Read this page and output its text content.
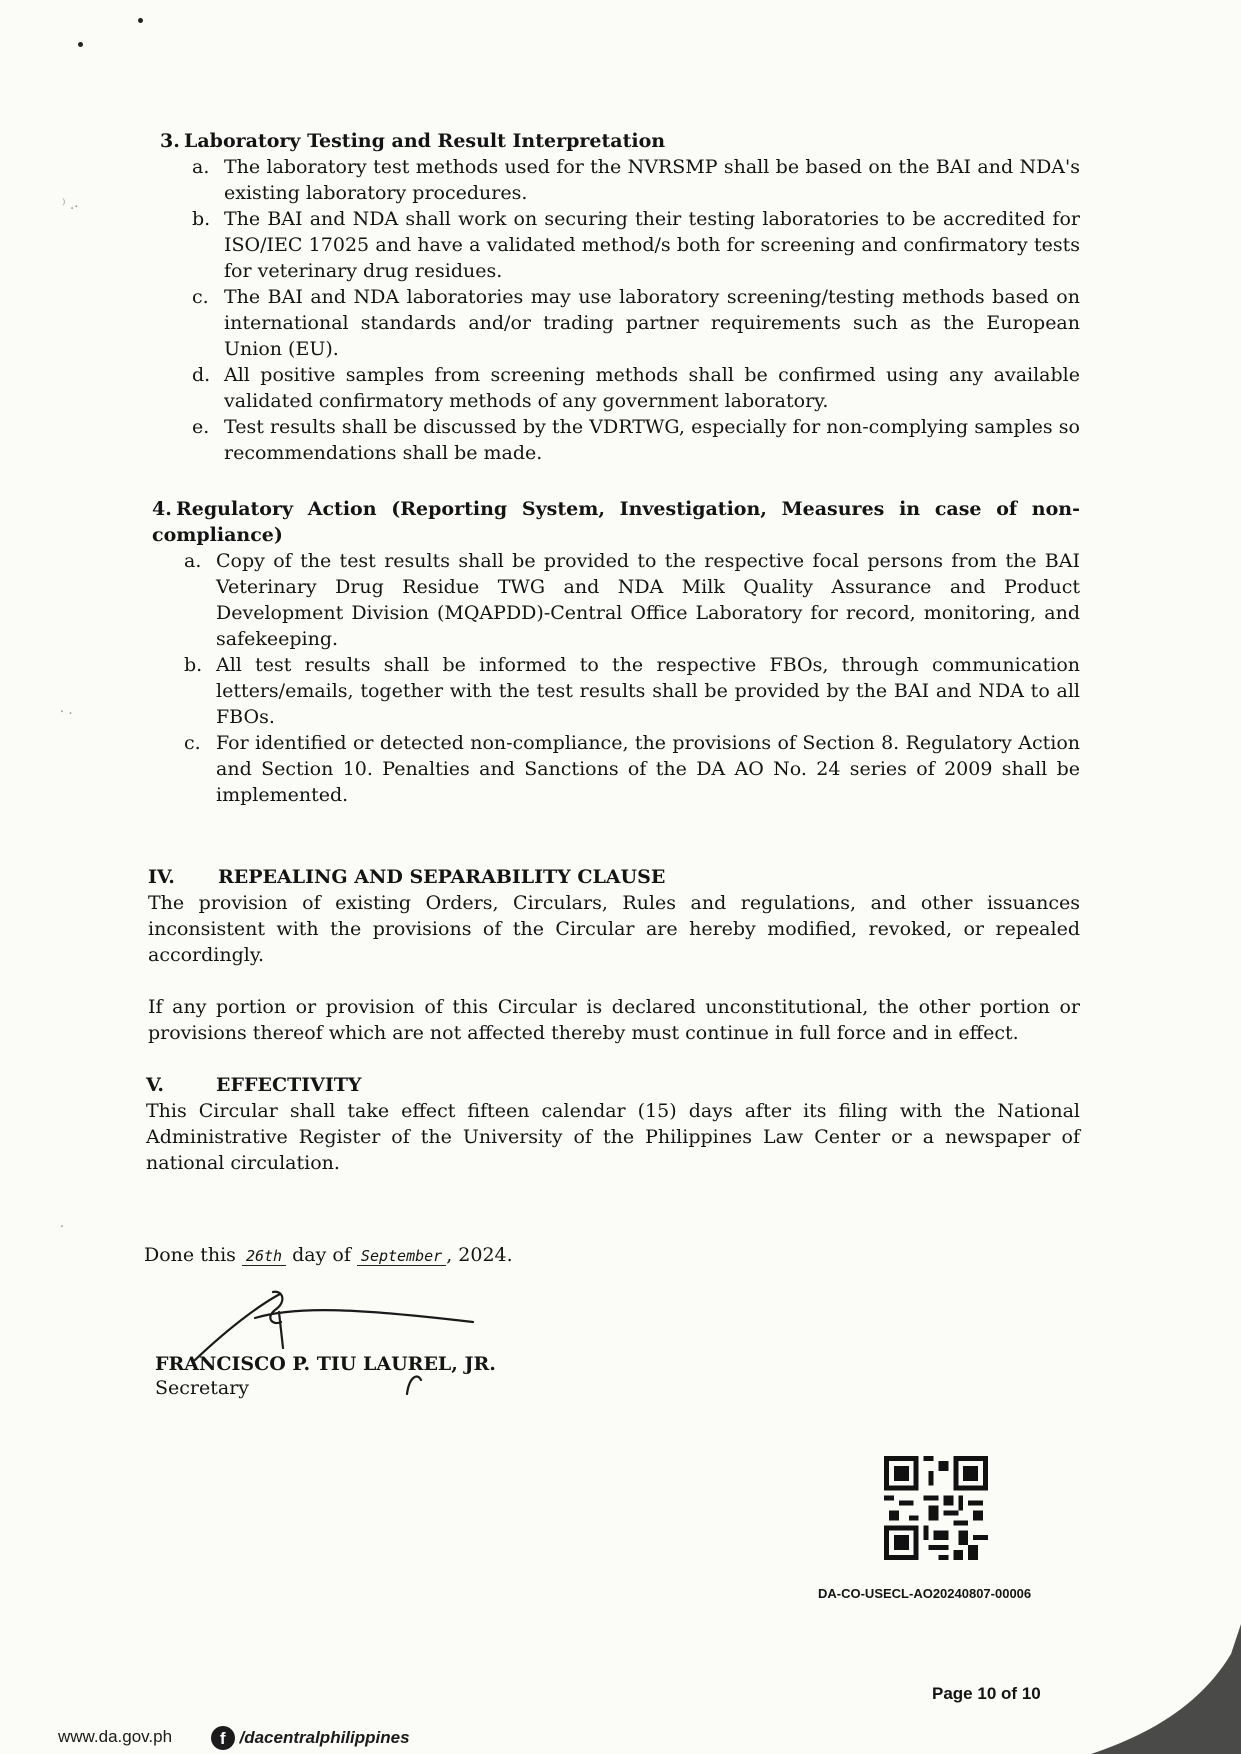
⁾ .⸳
⸳ .
⸳

3. Laboratory Testing and Result Interpretation

a. The laboratory test methods used for the NVRSMP shall be based on the BAI and NDA's existing laboratory procedures.
b. The BAI and NDA shall work on securing their testing laboratories to be accredited for ISO/IEC 17025 and have a validated method/s both for screening and confirmatory tests for veterinary drug residues.
c. The BAI and NDA laboratories may use laboratory screening/testing methods based on international standards and/or trading partner requirements such as the European Union (EU).
d. All positive samples from screening methods shall be confirmed using any available validated confirmatory methods of any government laboratory.
e. Test results shall be discussed by the VDRTWG, especially for non-complying samples so recommendations shall be made.

4. Regulatory Action (Reporting System, Investigation, Measures in case of non-compliance)

a. Copy of the test results shall be provided to the respective focal persons from the BAI Veterinary Drug Residue TWG and NDA Milk Quality Assurance and Product Development Division (MQAPDD)-Central Office Laboratory for record, monitoring, and safekeeping.
b. All test results shall be informed to the respective FBOs, through communication letters/emails, together with the test results shall be provided by the BAI and NDA to all FBOs.
c. For identified or detected non-compliance, the provisions of Section 8. Regulatory Action and Section 10. Penalties and Sanctions of the DA AO No. 24 series of 2009 shall be implemented.

IV. REPEALING AND SEPARABILITY CLAUSE

The provision of existing Orders, Circulars, Rules and regulations, and other issuances inconsistent with the provisions of the Circular are hereby modified, revoked, or repealed accordingly.

If any portion or provision of this Circular is declared unconstitutional, the other portion or provisions thereof which are not affected thereby must continue in full force and in effect.

V.	EFFECTIVITY

This Circular shall take effect fifteen calendar (15) days after its filing with the National Administrative Register of the University of the Philippines Law Center or a newspaper of national circulation.

Done this 26th day of September , 2024.

FRANCISCO P. TIU LAUREL, JR.
Secretary
DA-CO-USECL-AO20240807-00006
Page 10 of 10
www.da.gov.ph	f /dacentralphilippines
